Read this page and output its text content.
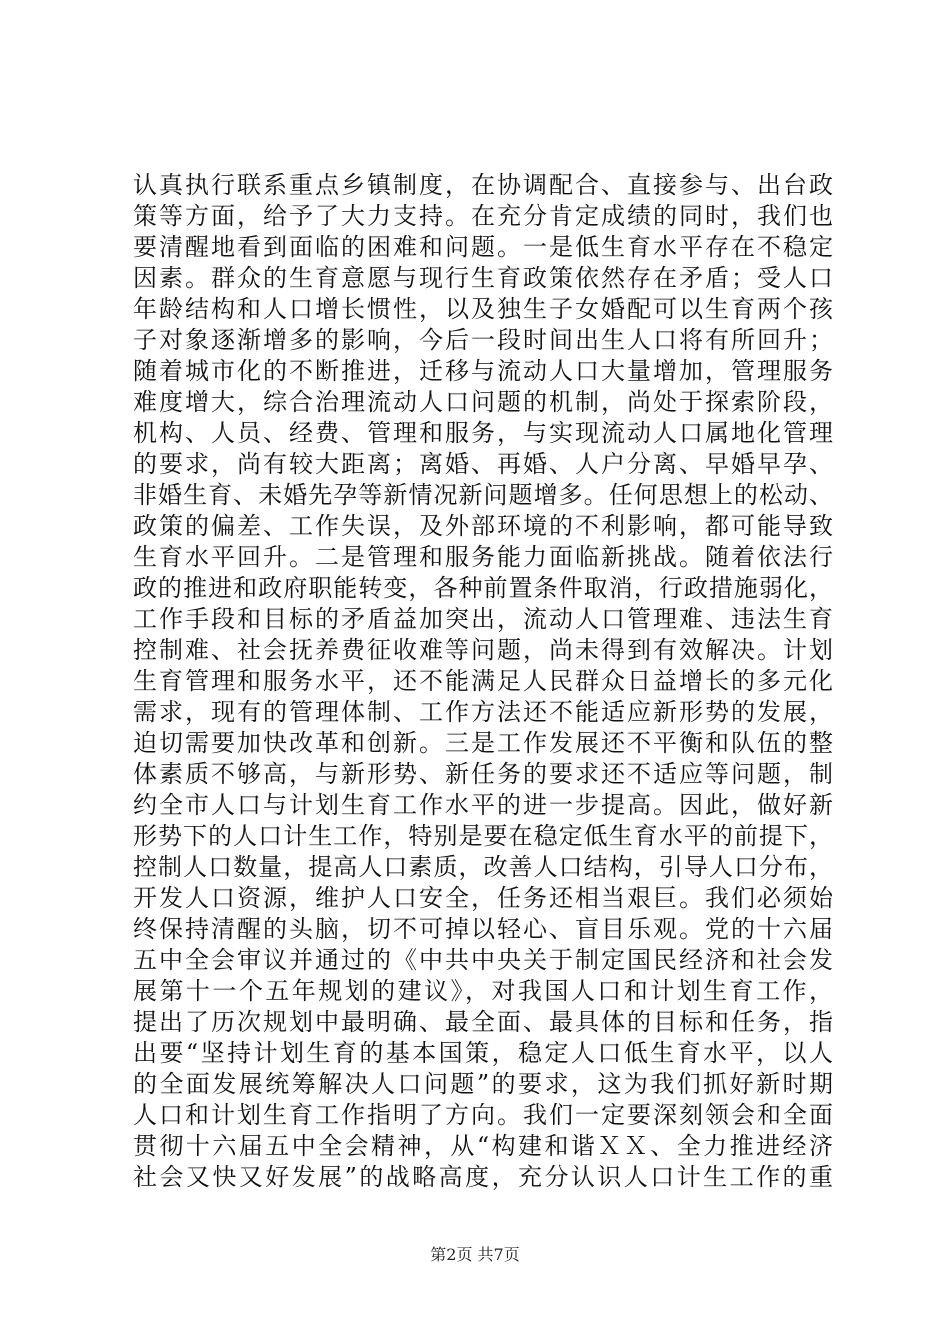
认真执行联系重点乡镇制度，在协调配合、直接参与、出台政
策等方面，给予了大力支持。在充分肯定成绩的同时，我们也
要清醒地看到面临的困难和问题。一是低生育水平存在不稳定
因素。群众的生育意愿与现行生育政策依然存在矛盾；受人口
年龄结构和人口增长惯性，以及独生子女婚配可以生育两个孩
子对象逐渐增多的影响，今后一段时间出生人口将有所回升；
随着城市化的不断推进，迁移与流动人口大量增加，管理服务
难度增大，综合治理流动人口问题的机制，尚处于探索阶段，
机构、人员、经费、管理和服务，与实现流动人口属地化管理
的要求，尚有较大距离；离婚、再婚、人户分离、早婚早孕、
非婚生育、未婚先孕等新情况新问题增多。任何思想上的松动、
政策的偏差、工作失误，及外部环境的不利影响，都可能导致
生育水平回升。二是管理和服务能力面临新挑战。随着依法行
政的推进和政府职能转变，各种前置条件取消，行政措施弱化，
工作手段和目标的矛盾益加突出，流动人口管理难、违法生育
控制难、社会抚养费征收难等问题，尚未得到有效解决。计划
生育管理和服务水平，还不能满足人民群众日益增长的多元化
需求，现有的管理体制、工作方法还不能适应新形势的发展，
迫切需要加快改革和创新。三是工作发展还不平衡和队伍的整
体素质不够高，与新形势、新任务的要求还不适应等问题，制
约全市人口与计划生育工作水平的进一步提高。因此，做好新
形势下的人口计生工作，特别是要在稳定低生育水平的前提下，
控制人口数量，提高人口素质，改善人口结构，引导人口分布，
开发人口资源，维护人口安全，任务还相当艰巨。我们必须始
终保持清醒的头脑，切不可掉以轻心、盲目乐观。党的十六届
五中全会审议并通过的《中共中央关于制定国民经济和社会发
展第十一个五年规划的建议》，对我国人口和计划生育工作，
提出了历次规划中最明确、最全面、最具体的目标和任务，指
出要“坚持计划生育的基本国策，稳定人口低生育水平，以人
的全面发展统筹解决人口问题”的要求，这为我们抓好新时期
人口和计划生育工作指明了方向。我们一定要深刻领会和全面
贯彻十六届五中全会精神，从“构建和谐ＸＸ、全力推进经济
社会又快又好发展”的战略高度，充分认识人口计生工作的重
第2页 共7页
